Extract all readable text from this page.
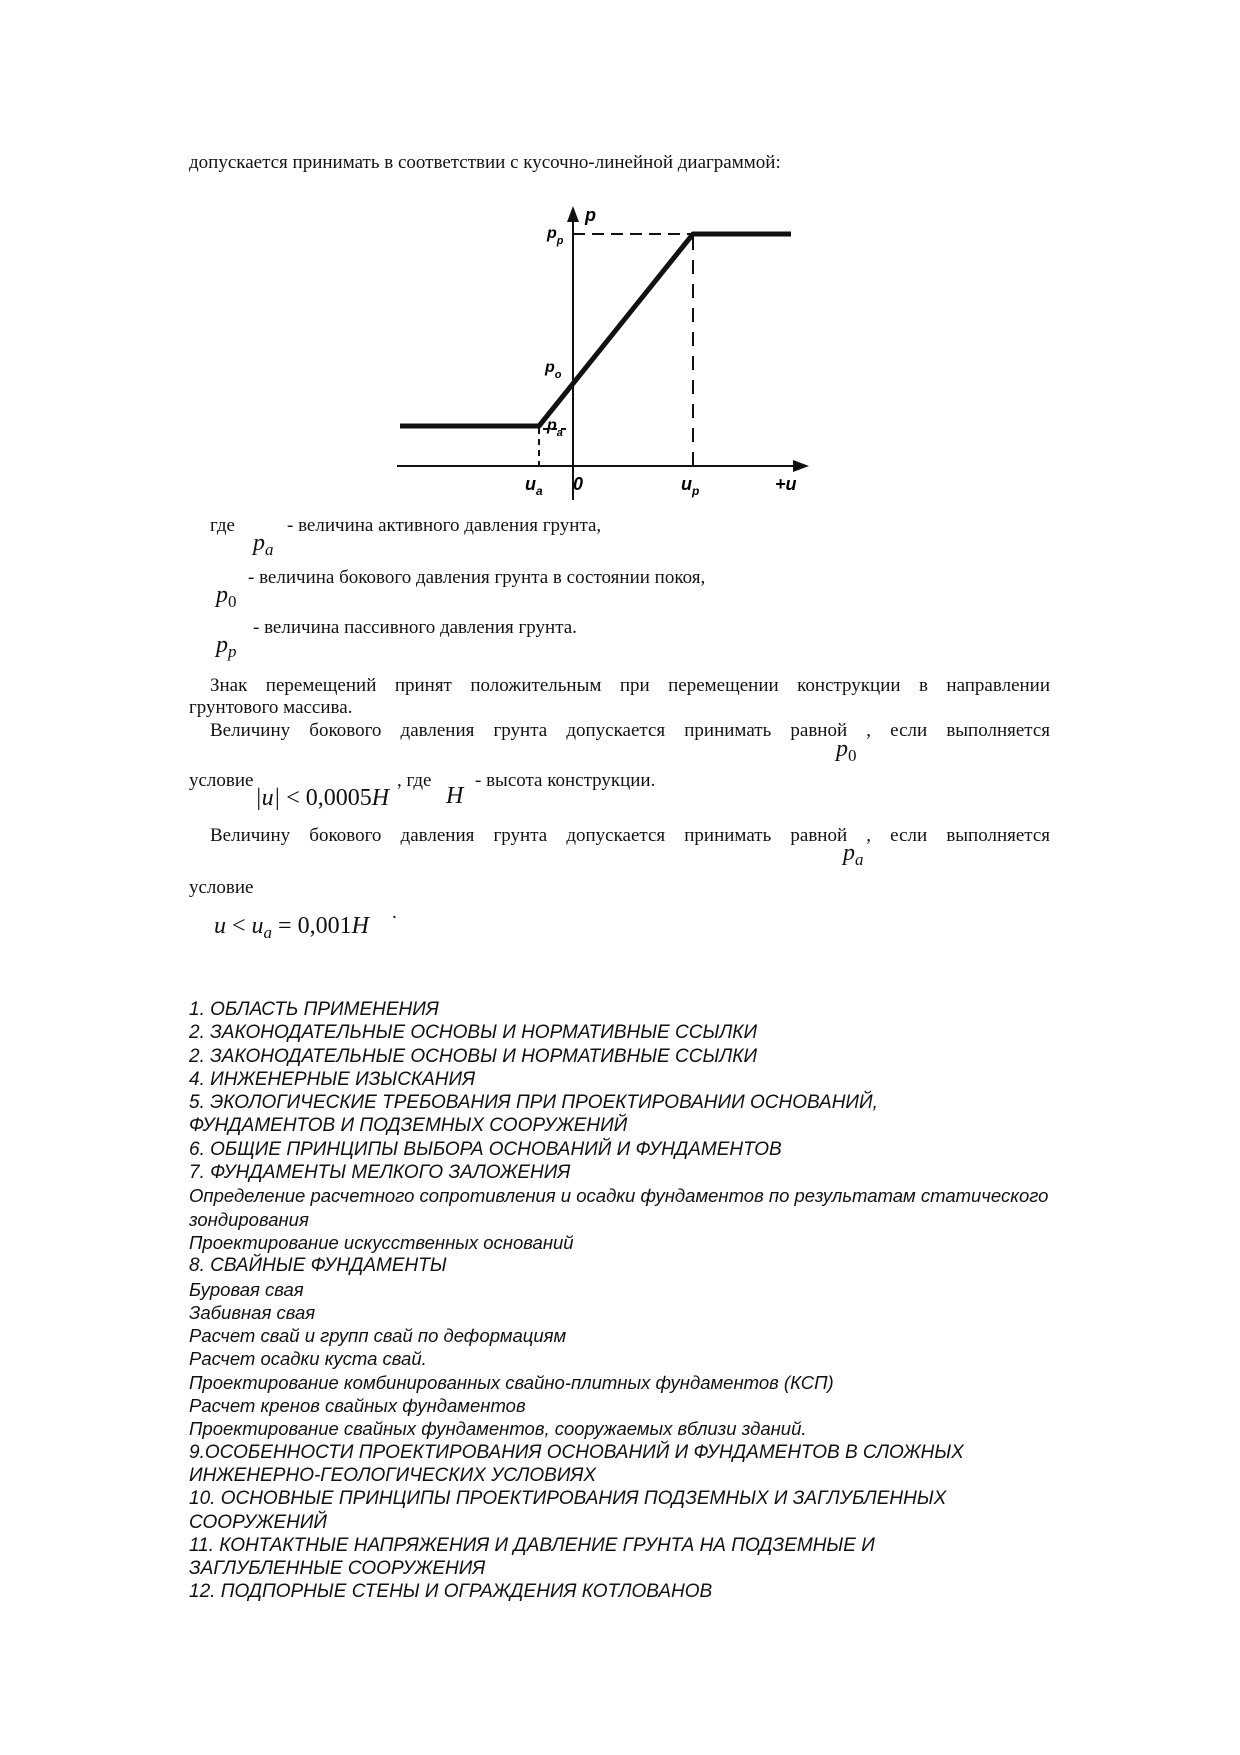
допускается принимать в соответствии с кусочно-линейной диаграммой:
p
$p_p$
$p_o$
$p_a$
$u_a$ 0	$u_p$	+u
где	- величина активного давления грунта,
$p_a$
- величина бокового давления грунта в состоянии покоя,
$p_0$
- величина пассивного давления грунта.
$p_p$
Знак перемещений принят положительным при перемещении конструкции в направлении
грунтового массива.
Величину бокового давления грунта допускается принимать равной , если выполняется
$p_0$
условие	, где - высота конструкции.
|u| < 0,0005H H
Величину бокового давления грунта допускается принимать равной , если выполняется
$p_a$
условие
.
$u < u_a = 0,001H$
1. ОБЛАСТЬ ПРИМЕНЕНИЯ
2. ЗАКОНОДАТЕЛЬНЫЕ ОСНОВЫ И НОРМАТИВНЫЕ ССЫЛКИ
2. ЗАКОНОДАТЕЛЬНЫЕ ОСНОВЫ И НОРМАТИВНЫЕ ССЫЛКИ
4. ИНЖЕНЕРНЫЕ ИЗЫСКАНИЯ
5. ЭКОЛОГИЧЕСКИЕ ТРЕБОВАНИЯ ПРИ ПРОЕКТИРОВАНИИ ОСНОВАНИЙ,
ФУНДАМЕНТОВ И ПОДЗЕМНЫХ СООРУЖЕНИЙ
6. ОБЩИЕ ПРИНЦИПЫ ВЫБОРА ОСНОВАНИЙ И ФУНДАМЕНТОВ
7. ФУНДАМЕНТЫ МЕЛКОГО ЗАЛОЖЕНИЯ
Определение расчетного сопротивления и осадки фундаментов по результатам статического
зондирования
Проектирование искусственных оснований
8. СВАЙНЫЕ ФУНДАМЕНТЫ
Буровая свая
Забивная свая
Расчет свай и групп свай по деформациям
Расчет осадки куста свай.
Проектирование комбинированных свайно-плитных фундаментов (КСП)
Расчет кренов свайных фундаментов
Проектирование свайных фундаментов, сооружаемых вблизи зданий.
9.ОСОБЕННОСТИ ПРОЕКТИРОВАНИЯ ОСНОВАНИЙ И ФУНДАМЕНТОВ В СЛОЖНЫХ
ИНЖЕНЕРНО-ГЕОЛОГИЧЕСКИХ УСЛОВИЯХ
10. ОСНОВНЫЕ ПРИНЦИПЫ ПРОЕКТИРОВАНИЯ ПОДЗЕМНЫХ И ЗАГЛУБЛЕННЫХ
СООРУЖЕНИЙ
11. КОНТАКТНЫЕ НАПРЯЖЕНИЯ И ДАВЛЕНИЕ ГРУНТА НА ПОДЗЕМНЫЕ И
ЗАГЛУБЛЕННЫЕ СООРУЖЕНИЯ
12. ПОДПОРНЫЕ СТЕНЫ И ОГРАЖДЕНИЯ КОТЛОВАНОВ
